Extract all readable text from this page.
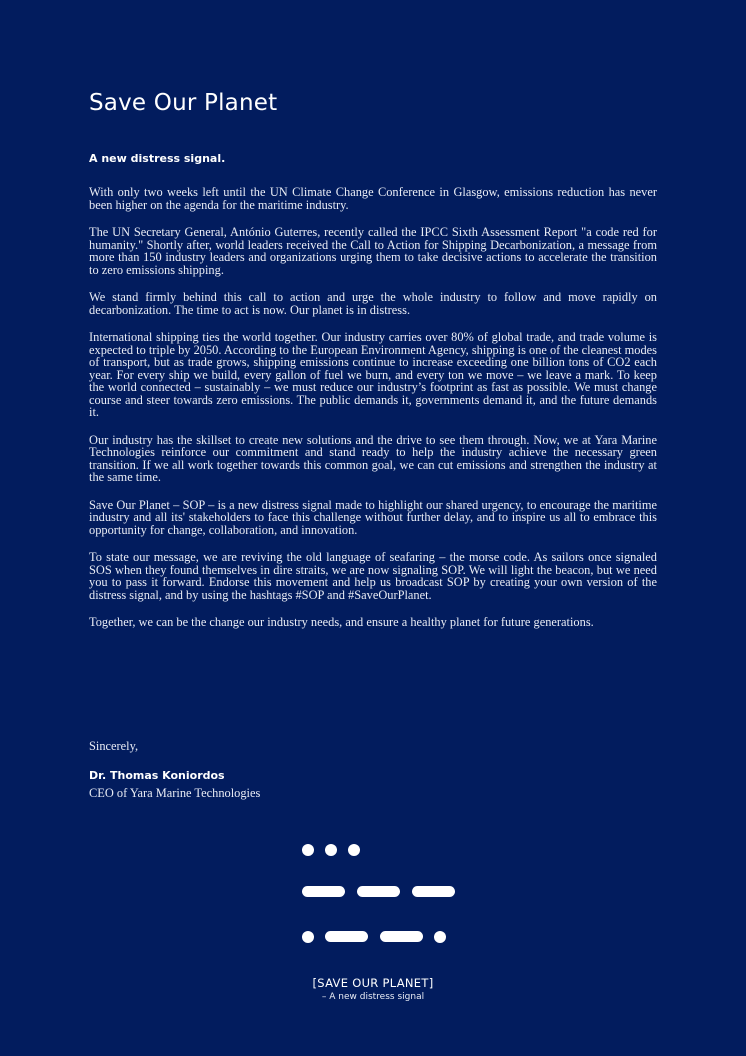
Save Our Planet
A new distress signal.

With only two weeks left until the UN Climate Change Conference in Glasgow, emissions reduction has never been higher on the agenda for the maritime industry.

The UN Secretary General, António Guterres, recently called the IPCC Sixth Assessment Report "a code red for humanity." Shortly after, world leaders received the Call to Action for Shipping Decarbonization, a message from more than 150 industry leaders and organizations urging them to take decisive actions to accelerate the transition to zero emissions shipping.

We stand firmly behind this call to action and urge the whole industry to follow and move rapidly on decarbonization. The time to act is now. Our planet is in distress.

International shipping ties the world together. Our industry carries over 80% of global trade, and trade volume is expected to triple by 2050. According to the European Environment Agency, shipping is one of the cleanest modes of transport, but as trade grows, shipping emissions continue to increase exceeding one billion tons of CO2 each year. For every ship we build, every gallon of fuel we burn, and every ton we move – we leave a mark. To keep the world connected – sustainably – we must reduce our industry’s footprint as fast as possible. We must change course and steer towards zero emissions. The public demands it, governments demand it, and the future demands it.

Our industry has the skillset to create new solutions and the drive to see them through. Now, we at Yara Marine Technologies reinforce our commitment and stand ready to help the industry achieve the necessary green transition. If we all work together towards this common goal, we can cut emissions and strengthen the industry at the same time.

Save Our Planet – SOP – is a new distress signal made to highlight our shared urgency, to encourage the maritime industry and all its' stakeholders to face this challenge without further delay, and to inspire us all to embrace this opportunity for change, collaboration, and innovation.

To state our message, we are reviving the old language of seafaring – the morse code. As sailors once signaled SOS when they found themselves in dire straits, we are now signaling SOP. We will light the beacon, but we need you to pass it forward. Endorse this movement and help us broadcast SOP by creating your own version of the distress signal, and by using the hashtags #SOP and #SaveOurPlanet.

Together, we can be the change our industry needs, and ensure a healthy planet for future generations.

Sincerely,
Dr. Thomas Koniordos
CEO of Yara Marine Technologies
[SAVE OUR PLANET]
– A new distress signal
